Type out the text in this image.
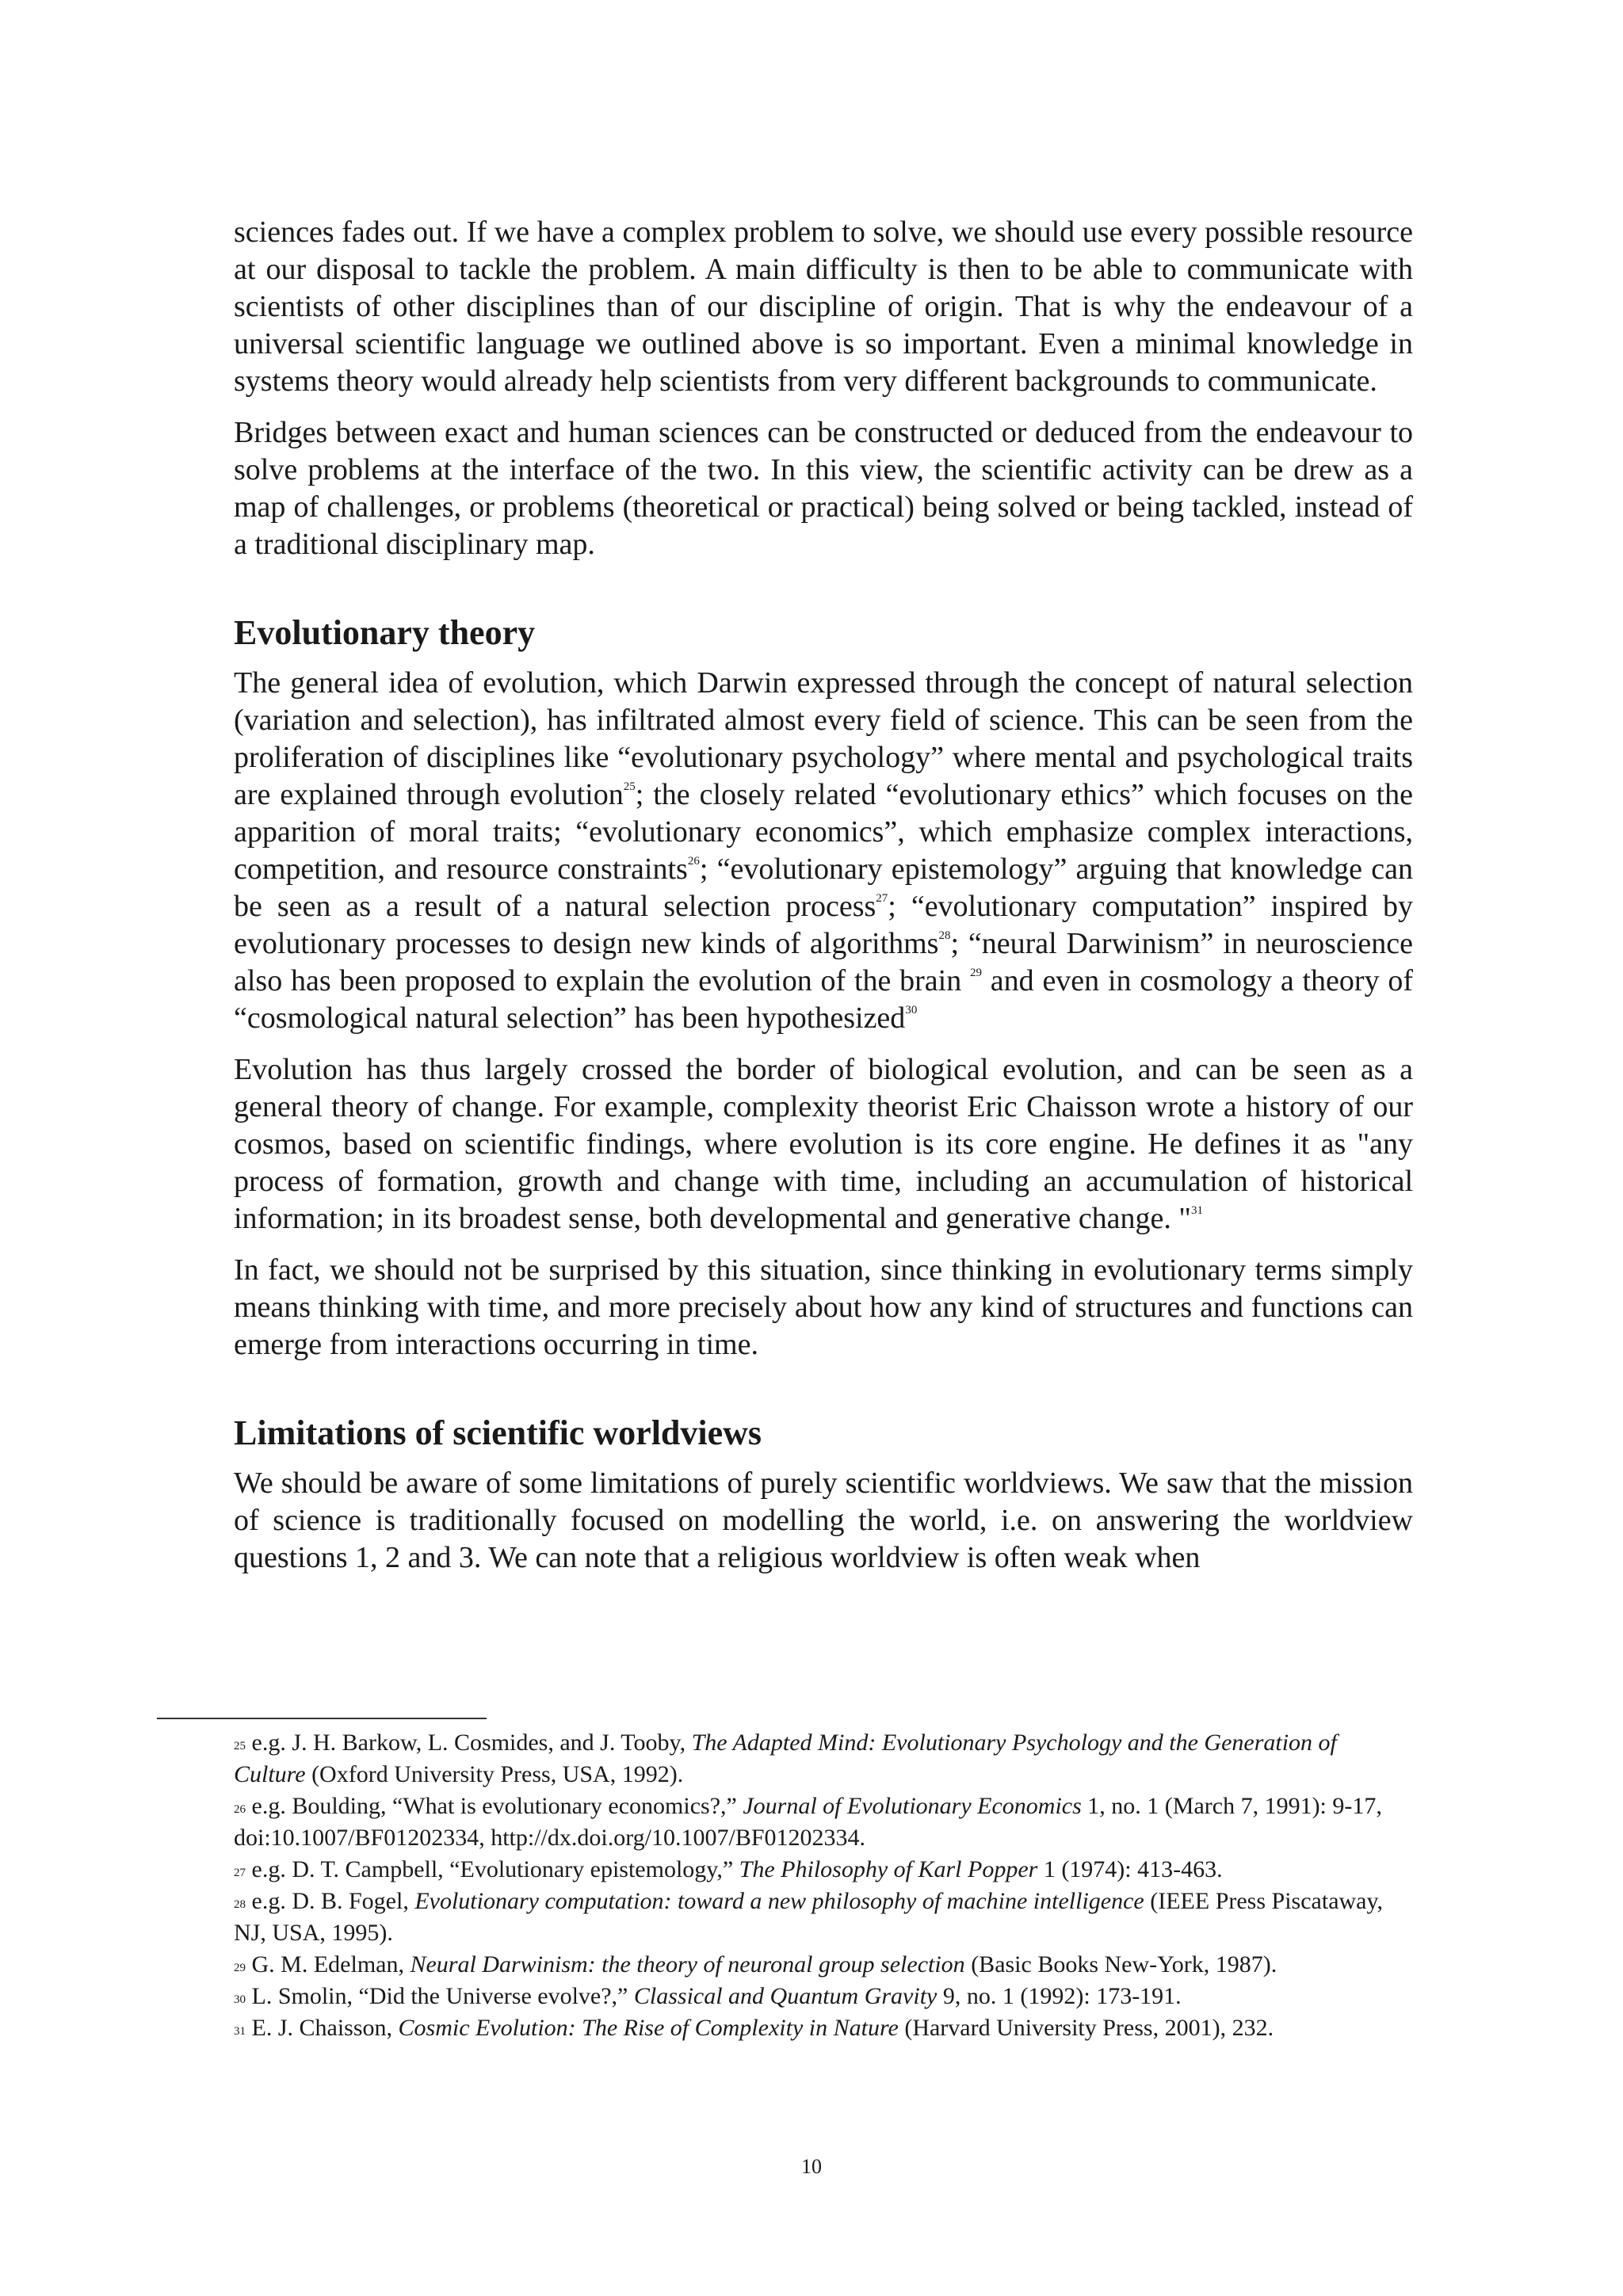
sciences fades out. If we have a complex problem to solve, we should use every possible resource at our disposal to tackle the problem. A main difficulty is then to be able to communicate with scientists of other disciplines than of our discipline of origin. That is why the endeavour of a universal scientific language we outlined above is so important. Even a minimal knowledge in systems theory would already help scientists from very different backgrounds to communicate.

Bridges between exact and human sciences can be constructed or deduced from the endeavour to solve problems at the interface of the two. In this view, the scientific activity can be drew as a map of challenges, or problems (theoretical or practical) being solved or being tackled, instead of a traditional disciplinary map.

Evolutionary theory

The general idea of evolution, which Darwin expressed through the concept of natural selection (variation and selection), has infiltrated almost every field of science. This can be seen from the proliferation of disciplines like “evolutionary psychology” where mental and psychological traits are explained through evolution$^{25}$; the closely related “evolutionary ethics” which focuses on the apparition of moral traits; “evolutionary economics”, which emphasize complex interactions, competition, and resource constraints$^{26}$; “evolutionary epistemology” arguing that knowledge can be seen as a result of a natural selection process$^{27}$; “evolutionary computation” inspired by evolutionary processes to design new kinds of algorithms$^{28}$; “neural Darwinism” in neuroscience also has been proposed to explain the evolution of the brain $^{29}$ and even in cosmology a theory of “cosmological natural selection” has been hypothesized$^{30}$

Evolution has thus largely crossed the border of biological evolution, and can be seen as a general theory of change. For example, complexity theorist Eric Chaisson wrote a history of our cosmos, based on scientific findings, where evolution is its core engine. He defines it as "any process of formation, growth and change with time, including an accumulation of historical information; in its broadest sense, both developmental and generative change. "$^{31}$

In fact, we should not be surprised by this situation, since thinking in evolutionary terms simply means thinking with time, and more precisely about how any kind of structures and functions can emerge from interactions occurring in time.

Limitations of scientific worldviews

We should be aware of some limitations of purely scientific worldviews. We saw that the mission of science is traditionally focused on modelling the world, i.e. on answering the worldview questions 1, 2 and 3. We can note that a religious worldview is often weak when

$^{25}$ e.g. J. H. Barkow, L. Cosmides, and J. Tooby, The Adapted Mind: Evolutionary Psychology and the Generation of Culture (Oxford University Press, USA, 1992).

$^{26}$ e.g. Boulding, “What is evolutionary economics?,” Journal of Evolutionary Economics 1, no. 1 (March 7, 1991): 9-17, doi:10.1007/BF01202334, http://dx.doi.org/10.1007/BF01202334.

$^{27}$ e.g. D. T. Campbell, “Evolutionary epistemology,” The Philosophy of Karl Popper 1 (1974): 413-463.

$^{28}$ e.g. D. B. Fogel, Evolutionary computation: toward a new philosophy of machine intelligence (IEEE Press Piscataway, NJ, USA, 1995).

$^{29}$ G. M. Edelman, Neural Darwinism: the theory of neuronal group selection (Basic Books New-York, 1987).

$^{30}$ L. Smolin, “Did the Universe evolve?,” Classical and Quantum Gravity 9, no. 1 (1992): 173-191.

$^{31}$ E. J. Chaisson, Cosmic Evolution: The Rise of Complexity in Nature (Harvard University Press, 2001), 232.

10
